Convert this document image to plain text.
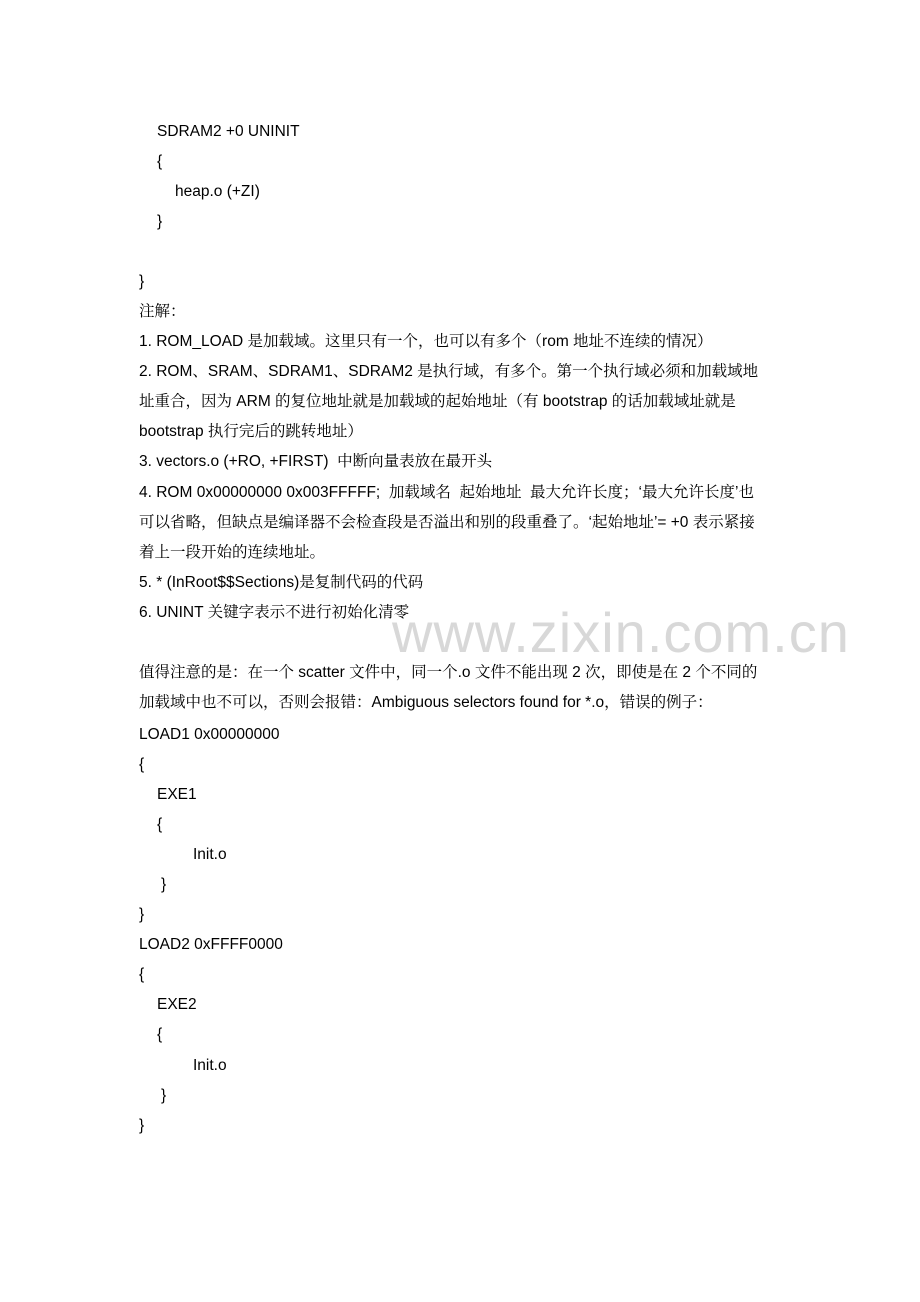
SDRAM2 +0 UNINIT
{
heap.o (+ZI)
}
}
注解：
1. ROM_LOAD 是加载域。这里只有一个，也可以有多个（rom 地址不连续的情况）
2. ROM、SRAM、SDRAM1、SDRAM2 是执行域，有多个。第一个执行域必须和加载域地
址重合，因为 ARM 的复位地址就是加载域的起始地址（有 bootstrap 的话加载域址就是
bootstrap 执行完后的跳转地址）
3. vectors.o (+RO, +FIRST)  中断向量表放在最开头
4. ROM 0x00000000 0x003FFFFF;  加载域名  起始地址  最大允许长度；‘最大允许长度’也
可以省略，但缺点是编译器不会检查段是否溢出和别的段重叠了。‘起始地址’= +0 表示紧接
着上一段开始的连续地址。
5. * (InRoot$$Sections)是复制代码的代码
6. UNINT 关键字表示不进行初始化清零
值得注意的是：在一个 scatter 文件中，同一个.o 文件不能出现 2 次，即使是在 2 个不同的
加载域中也不可以，否则会报错：Ambiguous selectors found for *.o，错误的例子：
LOAD1 0x00000000
{
EXE1
{
Init.o
}
}
LOAD2 0xFFFF0000
{
EXE2
{
Init.o
}
}
www.zixin.com.cn
